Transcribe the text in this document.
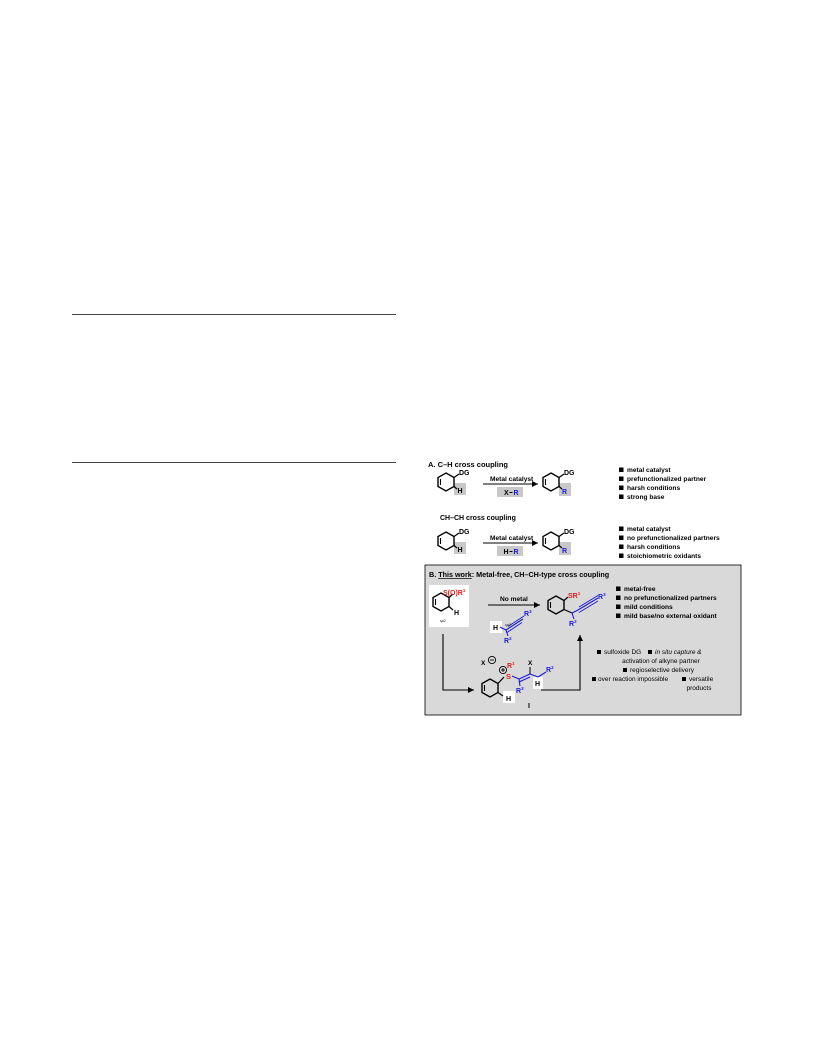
A. C–H cross coupling
DG
H
Metal catalyst
X R
DG
R
metal catalyst
prefunctionalized partner
harsh conditions
strong base
CH–CH cross coupling
DG
H
Metal catalyst
H R
DG
R
metal catalyst
no prefunctionalized partners
harsh conditions
stoichiometric oxidants
B. This work: Metal-free, CH–CH-type cross coupling
$S(O)R^1$
H
sp2
No metal
H sp3
$R^3$
$R^2$
$SR^1$
$R^3$
$R^2$
metal-free
no prefunctionalized partners
mild conditions
mild base/no external oxidant
X
S
$R^1$ X
$R^2$
$R^3$
H
H
I
sulfoxide DG in situ capture &
activation of alkyne partner
regioselective delivery
over reaction impossible	versatile
products
